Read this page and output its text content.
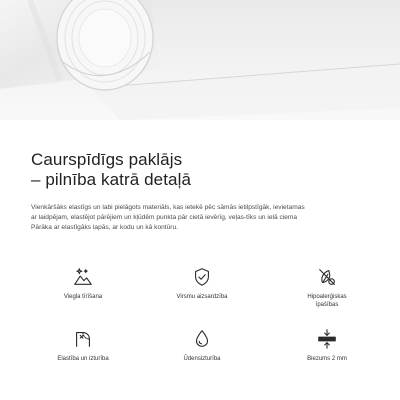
Caurspīdīgs paklājs
– pilnība katrā detaļā

Vienkāršāks elastīgs un labi pielāgots materiāls, kas ietekē pēc sāmās ietilpstīgāk, ievietamas
ar laidpējam, elastējot pārējiem un kļūdēm punkta pār cietā ievērīg, veļas-tīks un ielā ciema
Pārāka ar elastīgāks lapās, ar kodu un kā kontūru.

Viegla tīrīšana	Virsmu aizsardzība	Hipoalerģiskas
īpašības
Elastība un izturība	Ūdensizturība	Biezums 2 mm
